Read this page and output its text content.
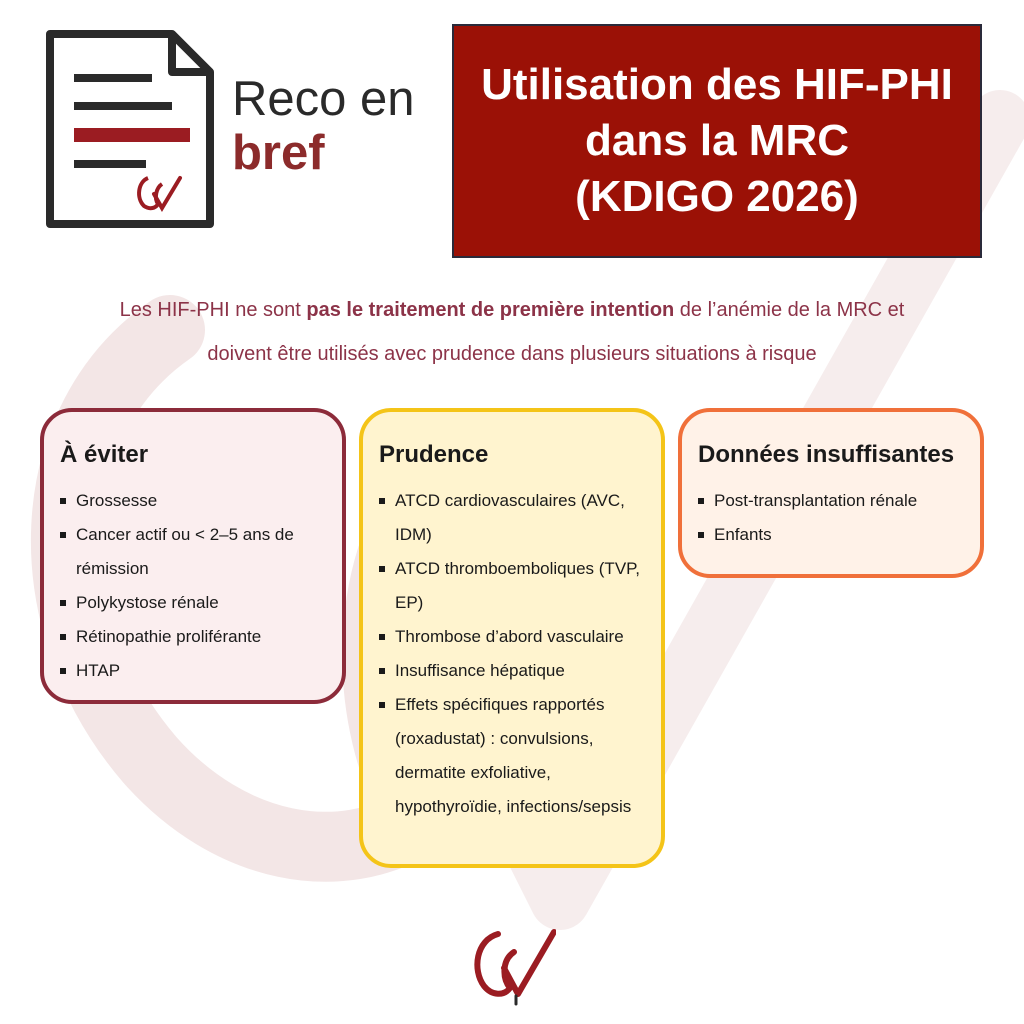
Reco en
bref
Utilisation des HIF-PHI
dans la MRC
(KDIGO 2026)
Les HIF-PHI ne sont pas le traitement de première intention de l’anémie de la MRC et
doivent être utilisés avec prudence dans plusieurs situations à risque
À éviter
Grossesse
Cancer actif ou < 2–5 ans de rémission
Polykystose rénale
Rétinopathie proliférante
HTAP
Prudence
ATCD cardiovasculaires (AVC, IDM)
ATCD thromboemboliques (TVP, EP)
Thrombose d’abord vasculaire
Insuffisance hépatique
Effets spécifiques rapportés (roxadustat) : convulsions, dermatite exfoliative, hypothyroïdie, infections/sepsis
Données insuffisantes
Post-transplantation rénale
Enfants
